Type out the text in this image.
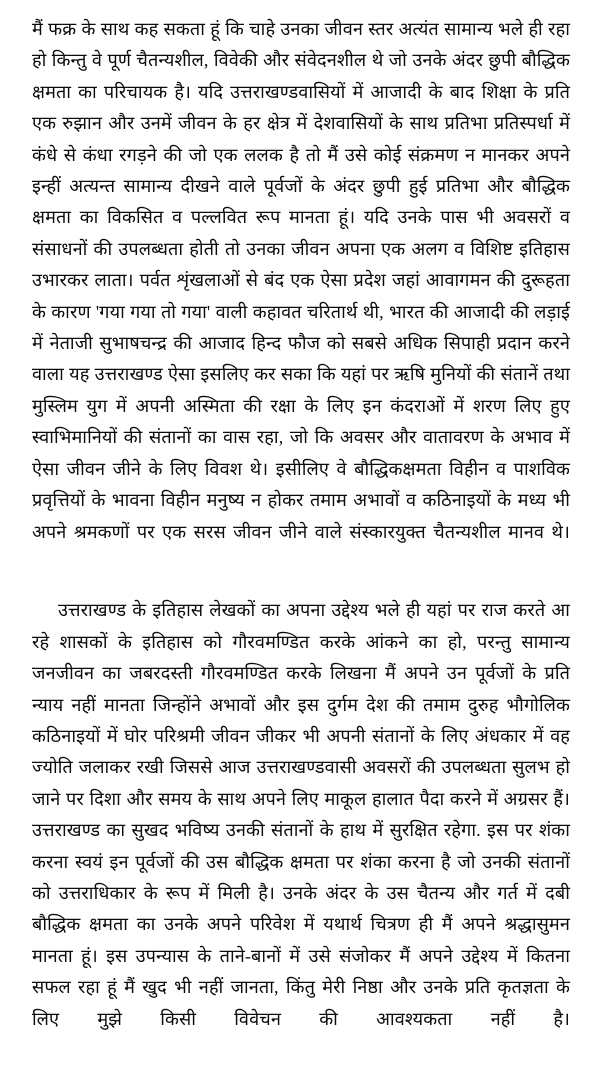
मैं फक्र के साथ कह सकता हूं कि चाहे उनका जीवन स्तर अत्यंत सामान्य भले ही रहा हो किन्तु वे पूर्ण चैतन्यशील, विवेकी और संवेदनशील थे जो उनके अंदर छुपी बौद्धिक क्षमता का परिचायक है। यदि उत्तराखण्डवासियों में आजादी के बाद शिक्षा के प्रति एक रुझान और उनमें जीवन के हर क्षेत्र में देशवासियों के साथ प्रतिभा प्रतिस्पर्धा में कंधे से कंधा रगड़ने की जो एक ललक है तो मैं उसे कोई संक्रमण न मानकर अपने इन्हीं अत्यन्त सामान्य दीखने वाले पूर्वजों के अंदर छुपी हुई प्रतिभा और बौद्धिक क्षमता का विकसित व पल्लवित रूप मानता हूं। यदि उनके पास भी अवसरों व संसाधनों की उपलब्धता होती तो उनका जीवन अपना एक अलग व विशिष्ट इतिहास उभारकर लाता। पर्वत शृंखलाओं से बंद एक ऐसा प्रदेश जहां आवागमन की दुरूहता के कारण 'गया गया तो गया' वाली कहावत चरितार्थ थी, भारत की आजादी की लड़ाई में नेताजी सुभाषचन्द्र की आजाद हिन्द फौज को सबसे अधिक सिपाही प्रदान करने वाला यह उत्तराखण्ड ऐसा इसलिए कर सका कि यहां पर ऋषि मुनियों की संतानें तथा मुस्लिम युग में अपनी अस्मिता की रक्षा के लिए इन कंदराओं में शरण लिए हुए स्वाभिमानियों की संतानों का वास रहा, जो कि अवसर और वातावरण के अभाव में ऐसा जीवन जीने के लिए विवश थे। इसीलिए वे बौद्धिकक्षमता विहीन व पाशविक प्रवृत्तियों के भावना विहीन मनुष्य न होकर तमाम अभावों व कठिनाइयों के मध्य भी अपने श्रमकणों पर एक सरस जीवन जीने वाले संस्कारयुक्त चैतन्यशील मानव थे।

उत्तराखण्ड के इतिहास लेखकों का अपना उद्देश्य भले ही यहां पर राज करते आ रहे शासकों के इतिहास को गौरवमण्डित करके आंकने का हो, परन्तु सामान्य जनजीवन का जबरदस्ती गौरवमण्डित करके लिखना मैं अपने उन पूर्वजों के प्रति न्याय नहीं मानता जिन्होंने अभावों और इस दुर्गम देश की तमाम दुरुह भौगोलिक कठिनाइयों में घोर परिश्रमी जीवन जीकर भी अपनी संतानों के लिए अंधकार में वह ज्योति जलाकर रखी जिससे आज उत्तराखण्डवासी अवसरों की उपलब्धता सुलभ हो जाने पर दिशा और समय के साथ अपने लिए माकूल हालात पैदा करने में अग्रसर हैं। उत्तराखण्ड का सुखद भविष्य उनकी संतानों के हाथ में सुरक्षित रहेगा. इस पर शंका करना स्वयं इन पूर्वजों की उस बौद्धिक क्षमता पर शंका करना है जो उनकी संतानों को उत्तराधिकार के रूप में मिली है। उनके अंदर के उस चैतन्य और गर्त में दबी बौद्धिक क्षमता का उनके अपने परिवेश में यथार्थ चित्रण ही मैं अपने श्रद्धासुमन मानता हूं। इस उपन्यास के ताने-बानों में उसे संजोकर मैं अपने उद्देश्य में कितना सफल रहा हूं मैं खुद भी नहीं जानता, किंतु मेरी निष्ठा और उनके प्रति कृतज्ञता के लिए मुझे किसी विवेचन की आवश्यकता नहीं है।
